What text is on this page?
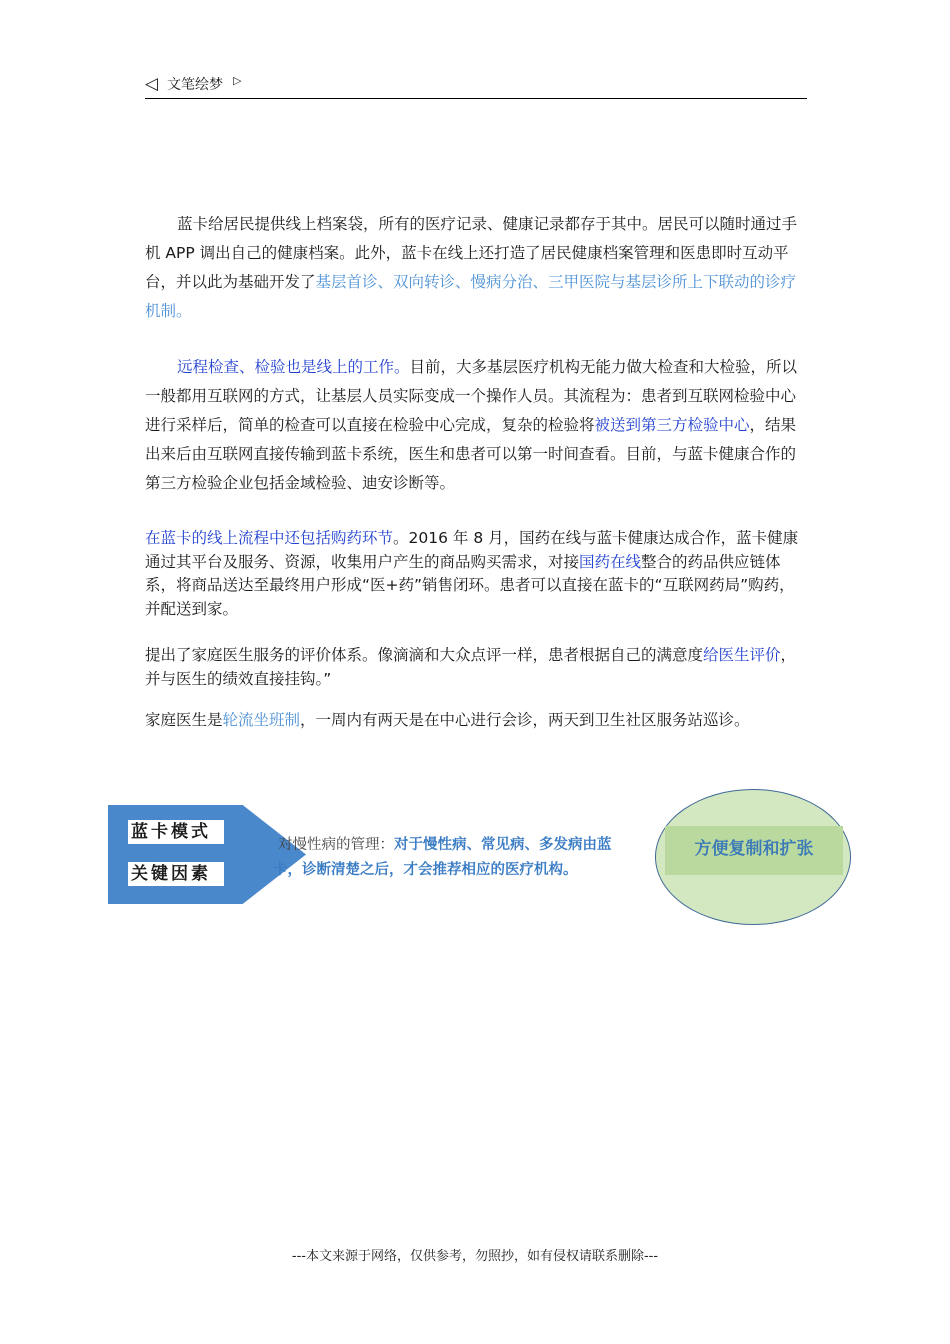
◁ 文笔绘梦 ▷

蓝卡给居民提供线上档案袋，所有的医疗记录、健康记录都存于其中。居民可以随时通过手机 APP 调出自己的健康档案。此外，蓝卡在线上还打造了居民健康档案管理和医患即时互动平台，并以此为基础开发了基层首诊、双向转诊、慢病分治、三甲医院与基层诊所上下联动的诊疗机制。

远程检查、检验也是线上的工作。目前，大多基层医疗机构无能力做大检查和大检验，所以一般都用互联网的方式，让基层人员实际变成一个操作人员。其流程为：患者到互联网检验中心进行采样后，简单的检查可以直接在检验中心完成，复杂的检验将被送到第三方检验中心，结果出来后由互联网直接传输到蓝卡系统，医生和患者可以第一时间查看。目前，与蓝卡健康合作的第三方检验企业包括金域检验、迪安诊断等。

在蓝卡的线上流程中还包括购药环节。2016 年 8 月，国药在线与蓝卡健康达成合作，蓝卡健康通过其平台及服务、资源，收集用户产生的商品购买需求，对接国药在线整合的药品供应链体系，将商品送达至最终用户形成“医+药”销售闭环。患者可以直接在蓝卡的“互联网药局”购药，并配送到家。

提出了家庭医生服务的评价体系。像滴滴和大众点评一样，患者根据自己的满意度给医生评价，并与医生的绩效直接挂钩。”

家庭医生是轮流坐班制，一周内有两天是在中心进行会诊，两天到卫生社区服务站巡诊。

蓝卡模式
关键因素
对慢性病的管理：对于慢性病、常见病、多发病由蓝
卡，诊断清楚之后，才会推荐相应的医疗机构。
方便复制和扩张
---本文来源于网络，仅供参考，勿照抄，如有侵权请联系删除---
